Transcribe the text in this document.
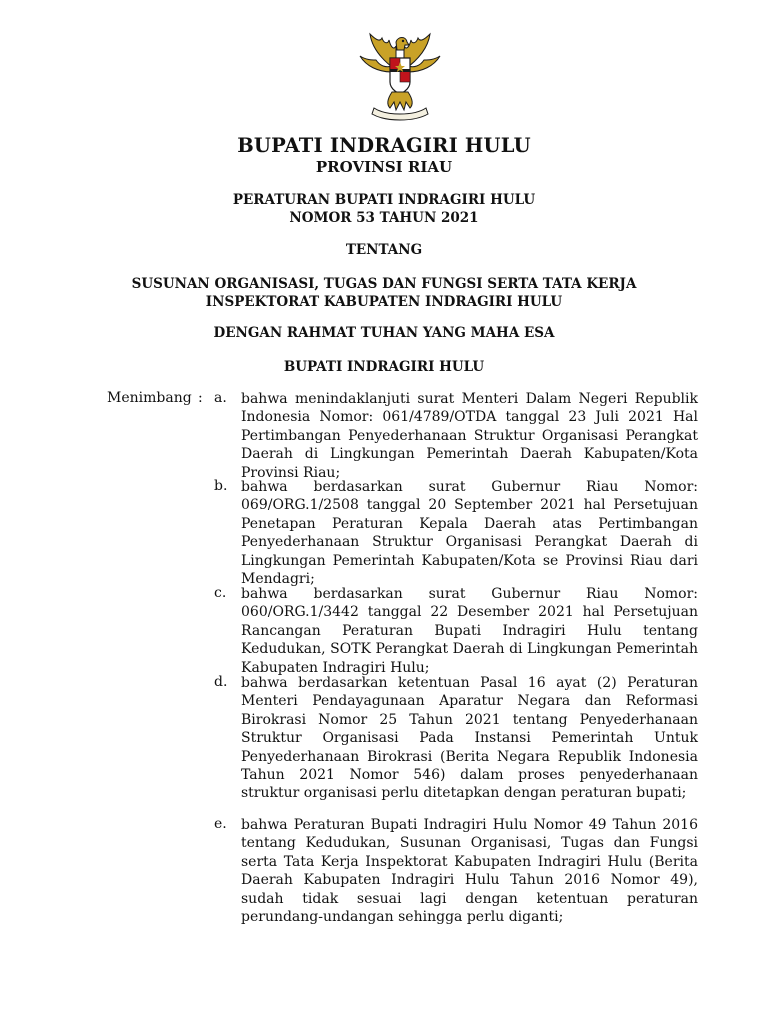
BUPATI INDRAGIRI HULU
PROVINSI RIAU
PERATURAN BUPATI INDRAGIRI HULU
NOMOR 53 TAHUN 2021
TENTANG
SUSUNAN ORGANISASI, TUGAS DAN FUNGSI SERTA TATA KERJA
INSPEKTORAT KABUPATEN INDRAGIRI HULU
DENGAN RAHMAT TUHAN YANG MAHA ESA
BUPATI INDRAGIRI HULU
Menimbang : a. bahwa menindaklanjuti surat Menteri Dalam Negeri Republik Indonesia Nomor: 061/4789/OTDA tanggal 23 Juli 2021 Hal Pertimbangan Penyederhanaan Struktur Organisasi Perangkat Daerah di Lingkungan Pemerintah Daerah Kabupaten/Kota Provinsi Riau;
b. bahwa berdasarkan surat Gubernur Riau Nomor: 069/ORG.1/2508 tanggal 20 September 2021 hal Persetujuan Penetapan Peraturan Kepala Daerah atas Pertimbangan Penyederhanaan Struktur Organisasi Perangkat Daerah di Lingkungan Pemerintah Kabupaten/Kota se Provinsi Riau dari Mendagri;
c. bahwa berdasarkan surat Gubernur Riau Nomor: 060/ORG.1/3442 tanggal 22 Desember 2021 hal Persetujuan Rancangan Peraturan Bupati Indragiri Hulu tentang Kedudukan, SOTK Perangkat Daerah di Lingkungan Pemerintah Kabupaten Indragiri Hulu;
d. bahwa berdasarkan ketentuan Pasal 16 ayat (2) Peraturan Menteri Pendayagunaan Aparatur Negara dan Reformasi Birokrasi Nomor 25 Tahun 2021 tentang Penyederhanaan Struktur Organisasi Pada Instansi Pemerintah Untuk Penyederhanaan Birokrasi (Berita Negara Republik Indonesia Tahun 2021 Nomor 546) dalam proses penyederhanaan struktur organisasi perlu ditetapkan dengan peraturan bupati;
e. bahwa Peraturan Bupati Indragiri Hulu Nomor 49 Tahun 2016 tentang Kedudukan, Susunan Organisasi, Tugas dan Fungsi serta Tata Kerja Inspektorat Kabupaten Indragiri Hulu (Berita Daerah Kabupaten Indragiri Hulu Tahun 2016 Nomor 49), sudah tidak sesuai lagi dengan ketentuan peraturan perundang-undangan sehingga perlu diganti;
